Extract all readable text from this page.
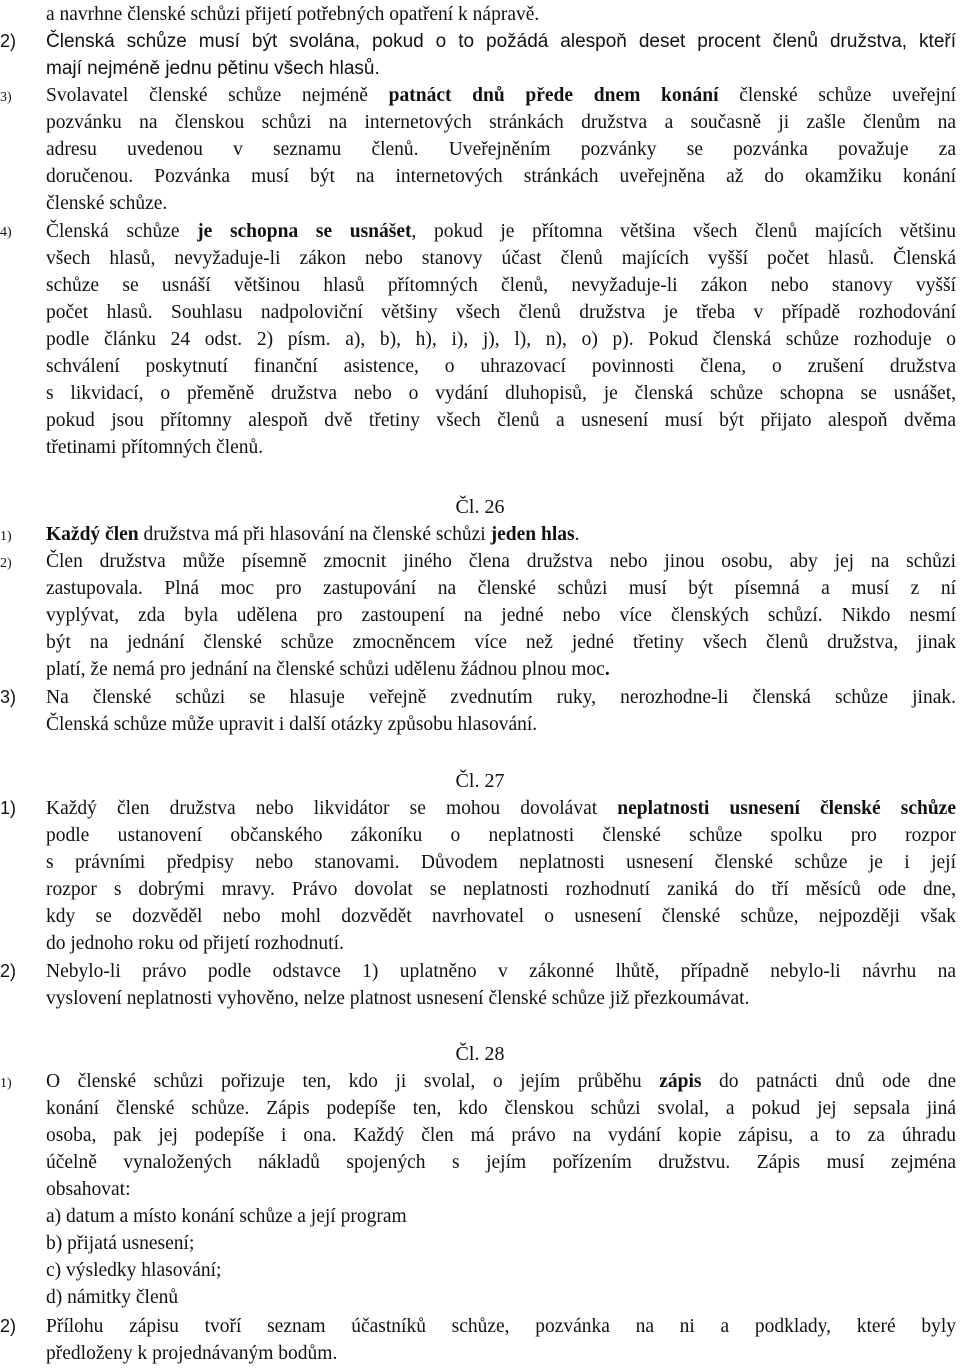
a navrhne členské schůzi přijetí potřebných opatření k nápravě.
2)	Členská schůze musí být svolána, pokud o to požádá alespoň deset procent členů družstva, kteří
mají nejméně jednu pětinu všech hlasů.
3)	Svolavatel členské schůze nejméně patnáct dnů přede dnem konání členské schůze uveřejní
pozvánku na členskou schůzi na internetových stránkách družstva a současně ji zašle členům na
adresu uvedenou v seznamu členů. Uveřejněním pozvánky se pozvánka považuje za
doručenou. Pozvánka musí být na internetových stránkách uveřejněna až do okamžiku konání
členské schůze.
4)	Členská schůze je schopna se usnášet, pokud je přítomna většina všech členů majících většinu
všech hlasů, nevyžaduje-li zákon nebo stanovy účast členů majících vyšší počet hlasů. Členská
schůze se usnáší většinou hlasů přítomných členů, nevyžaduje-li zákon nebo stanovy vyšší
počet hlasů. Souhlasu nadpoloviční většiny všech členů družstva je třeba v případě rozhodování
podle článku 24 odst. 2) písm. a), b), h), i), j), l), n), o) p). Pokud členská schůze rozhoduje o
schválení poskytnutí finanční asistence, o uhrazovací povinnosti člena, o zrušení družstva
s likvidací, o přeměně družstva nebo o vydání dluhopisů, je členská schůze schopna se usnášet,
pokud jsou přítomny alespoň dvě třetiny všech členů a usnesení musí být přijato alespoň dvěma
třetinami přítomných členů.
Čl. 26
1)	Každý člen družstva má při hlasování na členské schůzi jeden hlas.
2)	Člen družstva může písemně zmocnit jiného člena družstva nebo jinou osobu, aby jej na schůzi
zastupovala. Plná moc pro zastupování na členské schůzi musí být písemná a musí z ní
vyplývat, zda byla udělena pro zastoupení na jedné nebo více členských schůzí. Nikdo nesmí
být na jednání členské schůze zmocněncem více než jedné třetiny všech členů družstva, jinak
platí, že nemá pro jednání na členské schůzi udělenu žádnou plnou moc.
3)	Na členské schůzi se hlasuje veřejně zvednutím ruky, nerozhodne-li členská schůze jinak.
Členská schůze může upravit i další otázky způsobu hlasování.
Čl. 27
1)	Každý člen družstva nebo likvidátor se mohou dovolávat neplatnosti usnesení členské schůze
podle ustanovení občanského zákoníku o neplatnosti členské schůze spolku pro rozpor
s právními předpisy nebo stanovami. Důvodem neplatnosti usnesení členské schůze je i její
rozpor s dobrými mravy. Právo dovolat se neplatnosti rozhodnutí zaniká do tří měsíců ode dne,
kdy se dozvěděl nebo mohl dozvědět navrhovatel o usnesení členské schůze, nejpozději však
do jednoho roku od přijetí rozhodnutí.
2)	Nebylo-li právo podle odstavce 1) uplatněno v zákonné lhůtě, případně nebylo-li návrhu na
vyslovení neplatnosti vyhověno, nelze platnost usnesení členské schůze již přezkoumávat.
Čl. 28
1)	O členské schůzi pořizuje ten, kdo ji svolal, o jejím průběhu zápis do patnácti dnů ode dne
konání členské schůze. Zápis podepíše ten, kdo členskou schůzi svolal, a pokud jej sepsala jiná
osoba, pak jej podepíše i ona. Každý člen má právo na vydání kopie zápisu, a to za úhradu
účelně vynaložených nákladů spojených s jejím pořízením družstvu. Zápis musí zejména
obsahovat:
a) datum a místo konání schůze a její program
b) přijatá usnesení;
c) výsledky hlasování;
d) námitky členů
2)	Přílohu zápisu tvoří seznam účastníků schůze, pozvánka na ni a podklady, které byly
předloženy k projednávaným bodům.
